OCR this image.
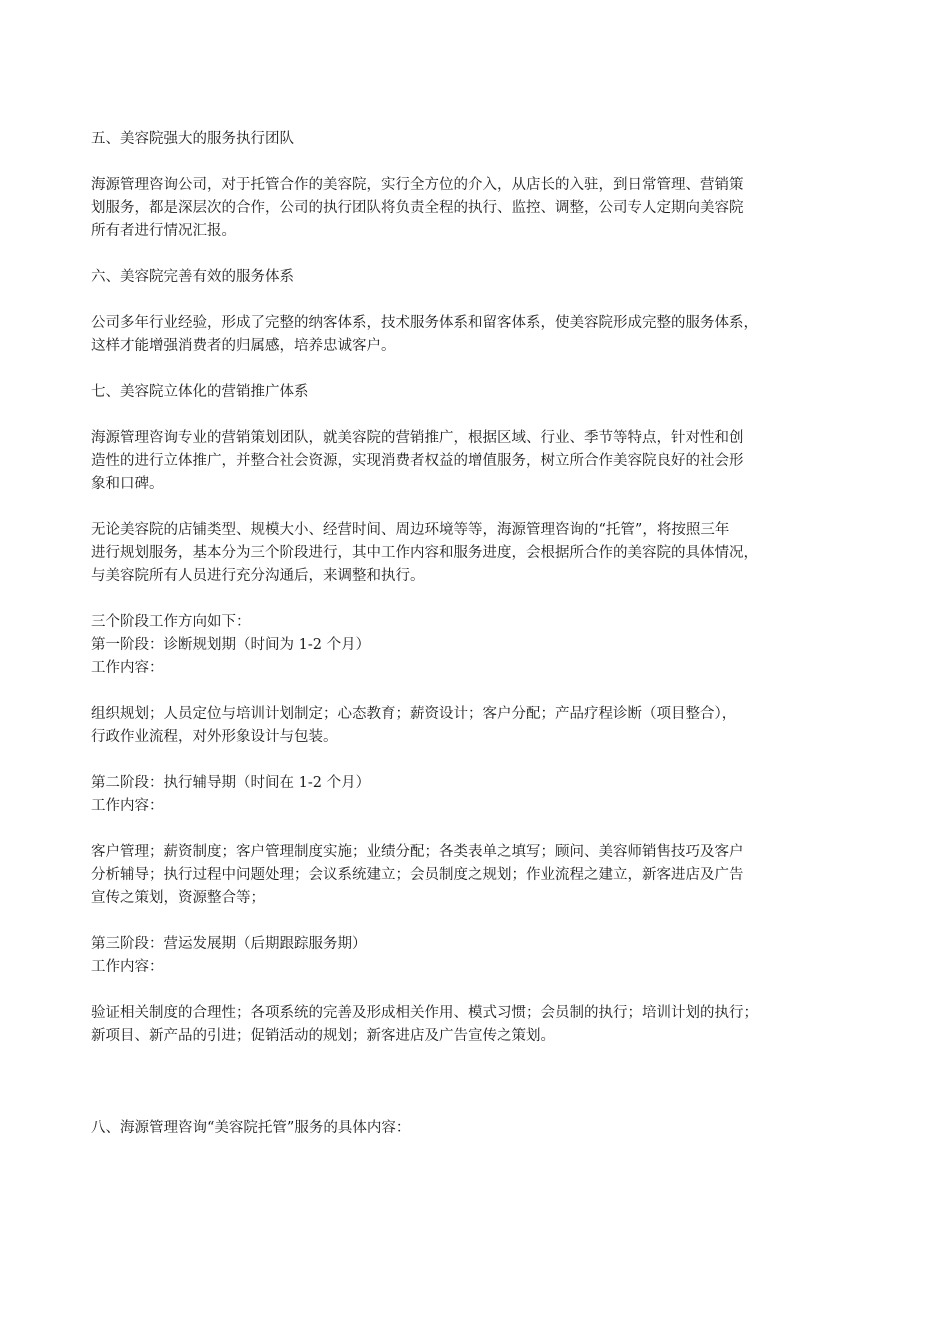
五、美容院强大的服务执行团队
海源管理咨询公司，对于托管合作的美容院，实行全方位的介入，从店长的入驻，到日常管理、营销策
划服务，都是深层次的合作，公司的执行团队将负责全程的执行、监控、调整，公司专人定期向美容院
所有者进行情况汇报。
六、美容院完善有效的服务体系
公司多年行业经验，形成了完整的纳客体系，技术服务体系和留客体系，使美容院形成完整的服务体系，
这样才能增强消费者的归属感，培养忠诚客户。
七、美容院立体化的营销推广体系
海源管理咨询专业的营销策划团队，就美容院的营销推广，根据区域、行业、季节等特点，针对性和创
造性的进行立体推广，并整合社会资源，实现消费者权益的增值服务，树立所合作美容院良好的社会形
象和口碑。
无论美容院的店铺类型、规模大小、经营时间、周边环境等等，海源管理咨询的“托管”，将按照三年
进行规划服务，基本分为三个阶段进行，其中工作内容和服务进度，会根据所合作的美容院的具体情况，
与美容院所有人员进行充分沟通后，来调整和执行。
三个阶段工作方向如下：
第一阶段：诊断规划期（时间为 1-2 个月）
工作内容：
组织规划；人员定位与培训计划制定；心态教育；薪资设计；客户分配；产品疗程诊断（项目整合），
行政作业流程，对外形象设计与包装。
第二阶段：执行辅导期（时间在 1-2 个月）
工作内容：
客户管理；薪资制度；客户管理制度实施；业绩分配；各类表单之填写；顾问、美容师销售技巧及客户
分析辅导；执行过程中问题处理；会议系统建立；会员制度之规划；作业流程之建立，新客进店及广告
宣传之策划，资源整合等；
第三阶段：营运发展期（后期跟踪服务期）
工作内容：
验证相关制度的合理性；各项系统的完善及形成相关作用、模式习惯；会员制的执行；培训计划的执行；
新项目、新产品的引进；促销活动的规划；新客进店及广告宣传之策划。
八、海源管理咨询“美容院托管”服务的具体内容：
